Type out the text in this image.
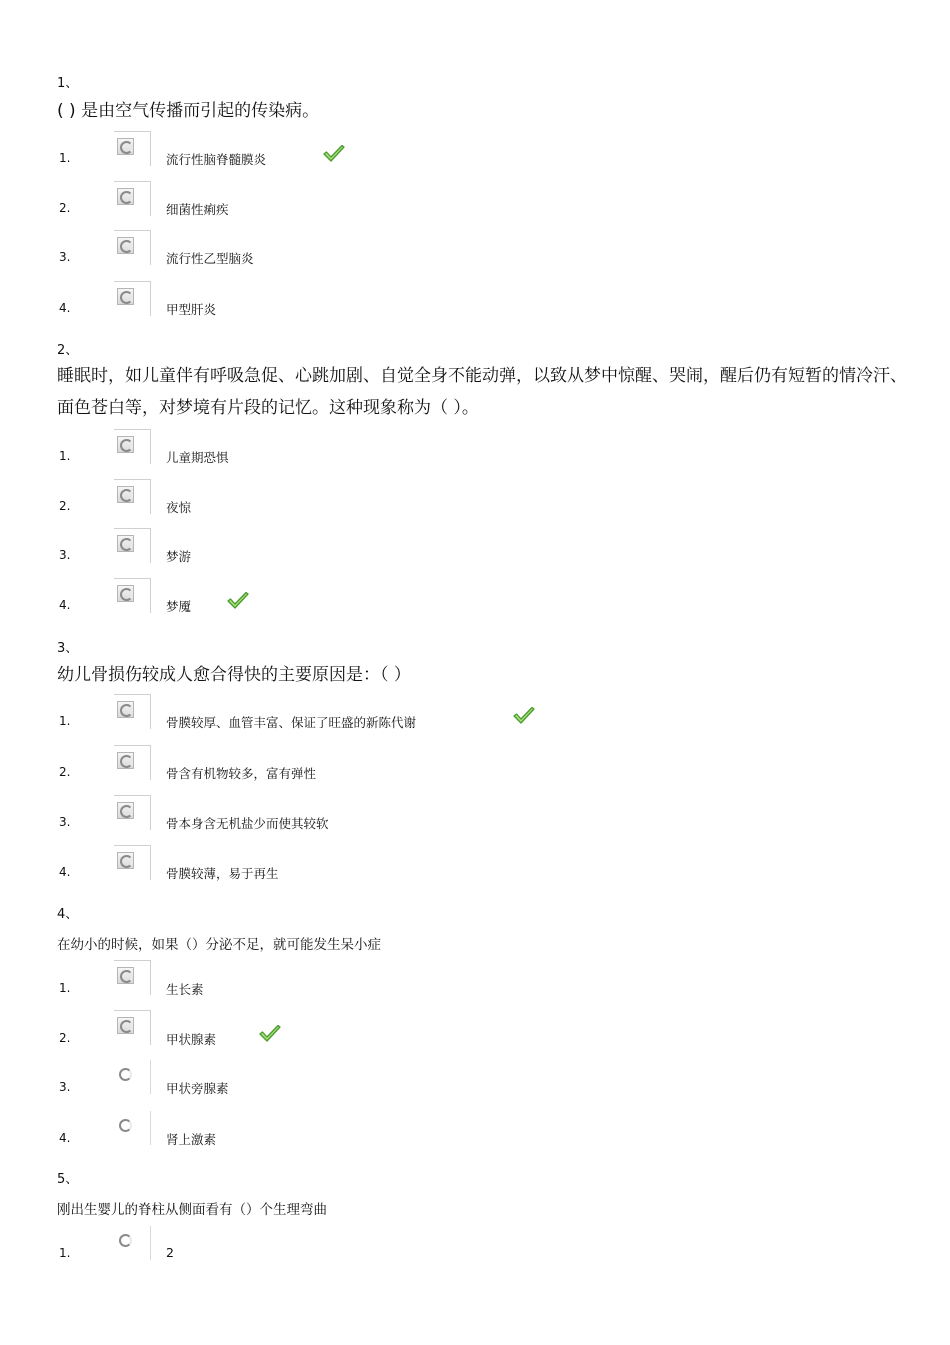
1、
( ) 是由空气传播而引起的传染病。
1.	流行性脑脊髓膜炎
2.	细菌性痢疾
3.	流行性乙型脑炎
4.	甲型肝炎
2、
睡眠时，如儿童伴有呼吸急促、心跳加剧、自觉全身不能动弹，以致从梦中惊醒、哭闹，醒后仍有短暂的情冷汗、面色苍白等，对梦境有片段的记忆。这种现象称为（ ）。
1.	儿童期恐惧
2.	夜惊
3.	梦游
4.	梦魇
3、
幼儿骨损伤较成人愈合得快的主要原因是：（ ）
1.	骨膜较厚、血管丰富、保证了旺盛的新陈代谢
2.	骨含有机物较多，富有弹性
3.	骨本身含无机盐少而使其较软
4.	骨膜较薄，易于再生
4、
在幼小的时候，如果（）分泌不足，就可能发生呆小症
1.	生长素
2.	甲状腺素
3.	甲状旁腺素
4.	肾上激素
5、
刚出生婴儿的脊柱从侧面看有（）个生理弯曲
1.	2
